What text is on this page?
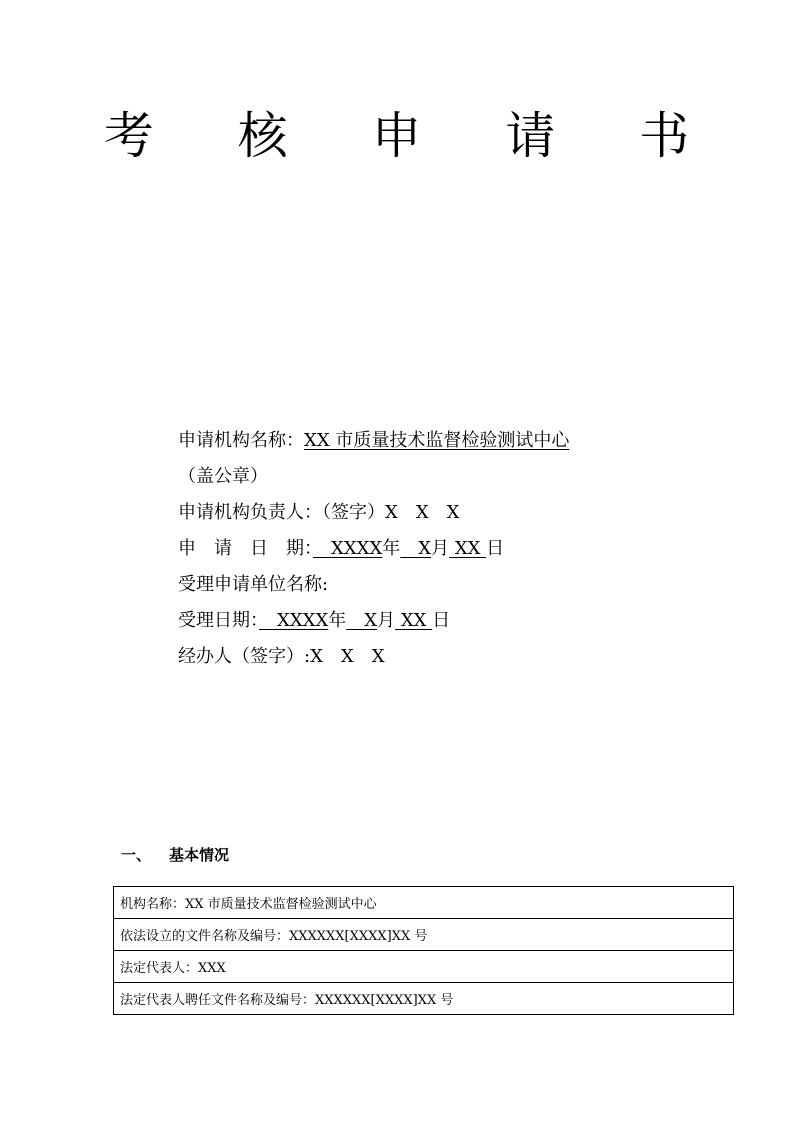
考 核 申 请 书
申请机构名称：XX 市质量技术监督检验测试中心
（盖公章）
申请机构负责人：（签字）X　X　X
申　请　日　期：　XXXX年　X月 XX 日
受理申请单位名称:
受理日期：　XXXX年　X月 XX 日
经办人（签字）:X　X　X
一、 基本情况
机构名称：XX 市质量技术监督检验测试中心
依法设立的文件名称及编号：XXXXXX[XXXX]XX 号
法定代表人：XXX
法定代表人聘任文件名称及编号：XXXXXX[XXXX]XX 号
